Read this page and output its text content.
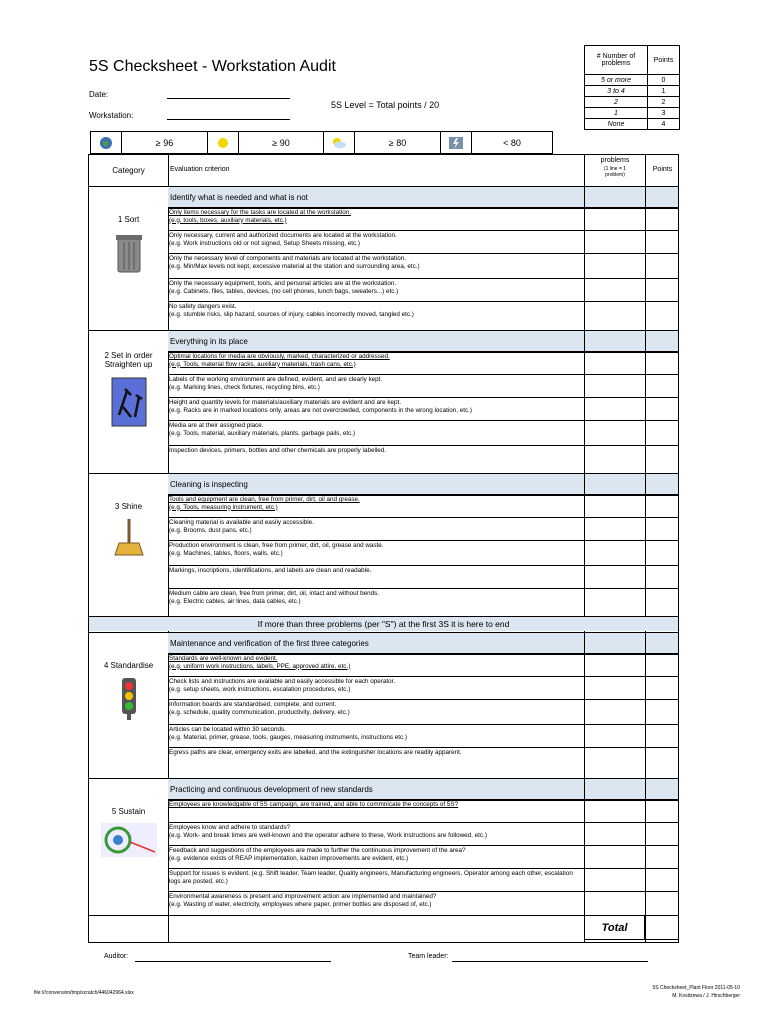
5S Checksheet - Workstation Audit
Date:
Workstation:
5S Level = Total points / 20
# Number of problems	Points
5 or more	0
3 to 4	1
2	2
1	3
None	4
≥ 96	≥ 90	≥ 80	< 80
Category	Evaluation criterion
problems
(1 line = 1 problem)
Points
1 Sort
Identify what is needed and what is not
Only items necessary for the tasks are located at the workstation.
(e.g. tools, boxes, auxiliary materials, etc.)
Only necessary, current and authorized documents are located at the workstation.
(e.g. Work instructions old or not signed, Setup Sheets missing, etc.)
Only the necessary level of components and materials are located at the workstation.
(e.g. Min/Max levels not kept, excessive material at the station and surrounding area, etc.)
Only the necessary equipment, tools, and personal articles are at the workstation.
(e.g. Cabinets, files, tables, devices, (no cell phones, lunch bags, sweaters...) etc.)
No safety dangers exist.
(e.g. stumble risks, slip hazard, sources of injury, cables incorrectly moved, tangled etc.)
2 Set in order Straighten up
Everything in its place
Optimal locations for media are obviously, marked, characterized or addressed.
(e.g. Tools, material flow racks, auxiliary materials, trash cans, etc.)
Labels of the working environment are defined, evident, and are clearly kept.
(e.g. Marking lines, check fixtures, recycling bins, etc.)
Height and quantity levels for materials/auxiliary materials are evident and are kept.
(e.g. Racks are in marked locations only, areas are not overcrowded, components in the wrong location, etc.)
Media are at their assigned place.
(e.g. Tools, material, auxiliary materials, plants, garbage pails, etc.)
Inspection devices, primers, bottles and other chemicals are properly labelled.
3 Shine
Cleaning is inspecting
Tools and equipment are clean, free from primer, dirt, oil and grease.
(e.g. Tools, measuring instrument, etc.)
Cleaning material is available and easily accessible.
(e.g. Brooms, dust pans, etc.)
Production environment is clean, free from primer, dirt, oil, grease and waste.
(e.g. Machines, tables, floors, walls, etc.)
Markings, inscriptions, identifications, and labels are clean and readable.
Medium cable are clean, free from primer, dirt, oil, intact and without bends.
(e.g. Electric cables, air lines, data cables, etc.)
4 Standardise
Maintenance and verification of the first three categories
Standards are well-known and evident.
(e.g. uniform work instructions, labels, PPE, approved attire, etc.)
Check lists and instructions are available and easily accessible for each operator.
(e.g. setup sheets, work instructions, escalation procedures, etc.)
Information boards are standardised, complete, and current.
(e.g. schedule, quality communication, productivity, delivery, etc.)
Articles can be located within 30 seconds.
(e.g. Material, primer, grease, tools, gauges, measuring instruments, instructions etc.)
Egress paths are clear, emergency exits are labelled, and the extinguisher locations are readily apparent.
5 Sustain
Practicing and continuous development of new standards
Employees are knowledgable of 5S campaign, are trained, and able to commnicate the concepts of 5S?
Employees know and adhere to standards?
(e.g. Work- and break times are well-known and the operator adhere to these, Work instructions are followed, etc.)
Feedback and suggestions of the employees are made to further the continuous improvement of the area?
(e.g. evidence exists of REAP implementation, kaizen improvements are evident, etc.)
Support for issues is evident. (e.g. Shift leader, Team leader, Quality engineers, Manufacturing engineers, Operator among each other, escalation logs are posted, etc.)
Environmental awareness is present and improvement action are implemented and maintained?
(e.g. Wasting of water, electricity, employees where paper, primer bottles are disposed of, etc.)
If more than three problems (per "S") at the first 3S it is here to end
Total
Auditor:	Team leader:
file:///conversion/tmp/scratch/446042964.xlsx
5S Checksheet_Plant Floor 2011-05-10
M. Kositzewa / J. Hirschberger
